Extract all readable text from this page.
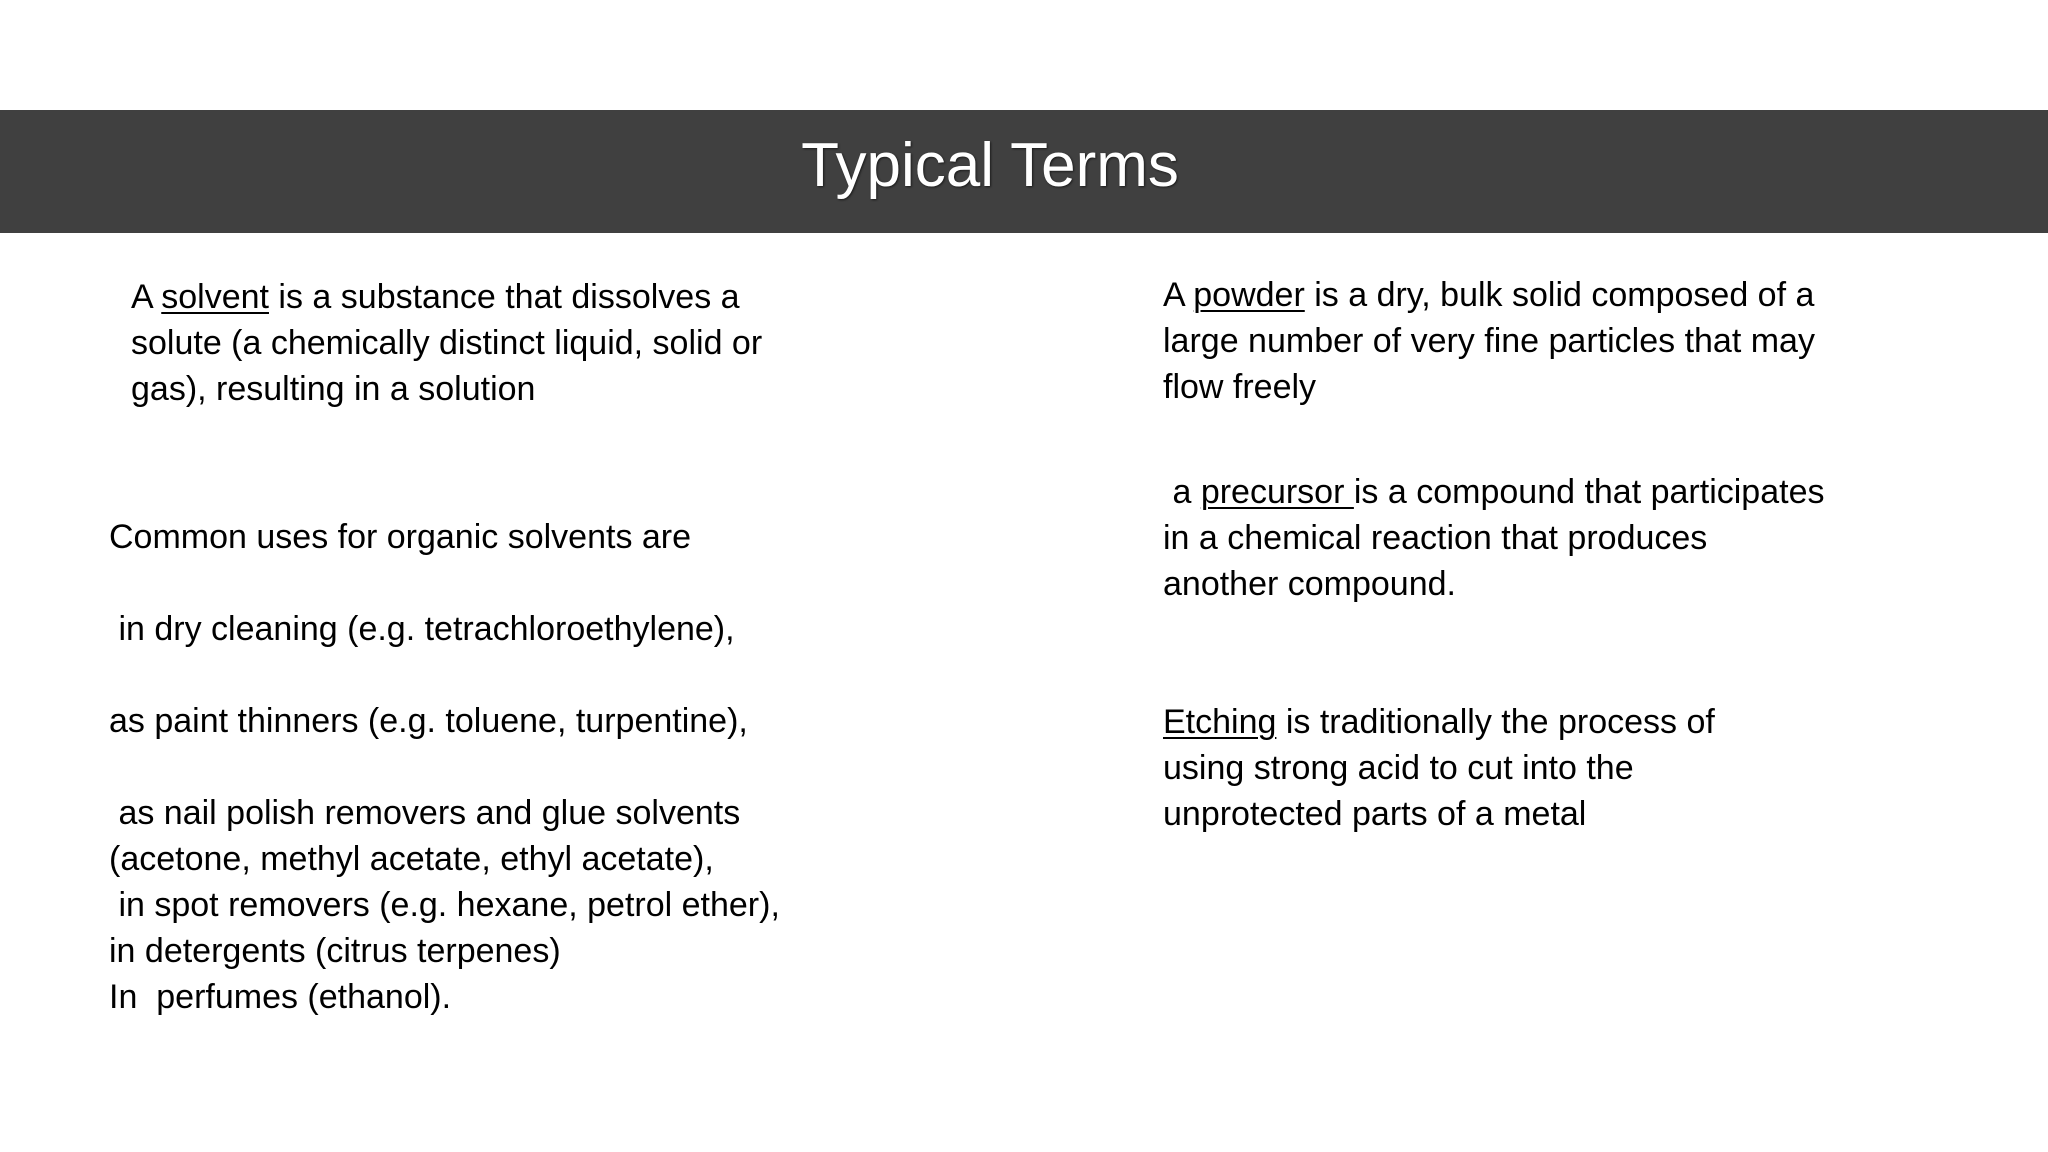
Typical Terms

A solvent is a substance that dissolves a
solute (a chemically distinct liquid, solid or
gas), resulting in a solution

Common uses for organic solvents are

in dry cleaning (e.g. tetrachloroethylene),

as paint thinners (e.g. toluene, turpentine),

as nail polish removers and glue solvents
(acetone, methyl acetate, ethyl acetate),
in spot removers (e.g. hexane, petrol ether),
in detergents (citrus terpenes)
In  perfumes (ethanol).

A powder is a dry, bulk solid composed of a
large number of very fine particles that may
flow freely

a precursor is a compound that participates
in a chemical reaction that produces
another compound.

Etching is traditionally the process of
using strong acid to cut into the
unprotected parts of a metal
